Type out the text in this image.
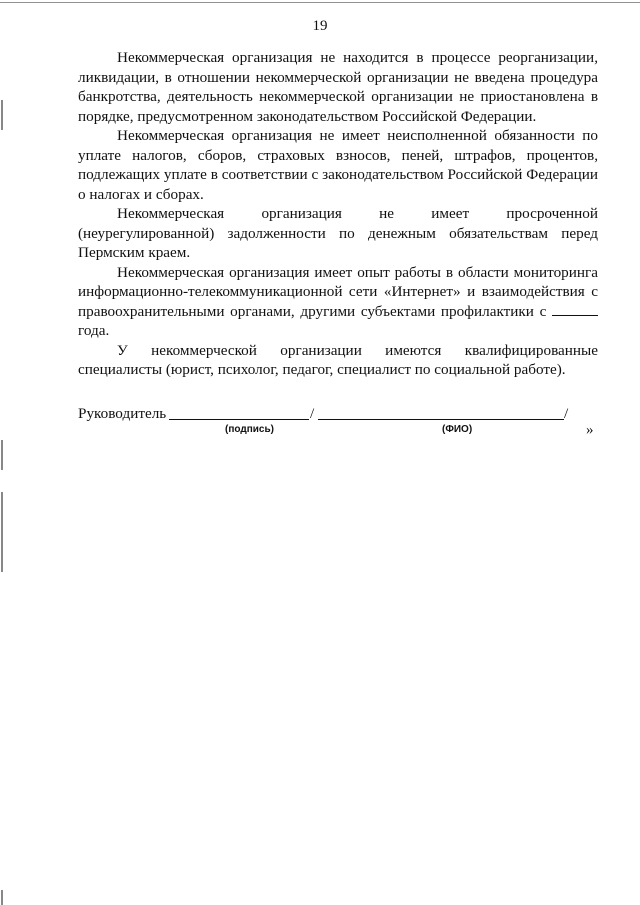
19

Некоммерческая организация не находится в процессе реорганизации, ликвидации, в отношении некоммерческой организации не введена процедура банкротства, деятельность некоммерческой организации не приостановлена в порядке, предусмотренном законодательством Российской Федерации.

Некоммерческая организация не имеет неисполненной обязанности по уплате налогов, сборов, страховых взносов, пеней, штрафов, процентов, подлежащих уплате в соответствии с законодательством Российской Федерации о налогах и сборах.

Некоммерческая организация не имеет просроченной (неурегулированной) задолженности по денежным обязательствам перед Пермским краем.

Некоммерческая организация имеет опыт работы в области мониторинга информационно-телекоммуникационной сети «Интернет» и взаимодействия с правоохранительными органами, другими субъектами профилактики с  года.

У некоммерческой организации имеются квалифицированные специалисты (юрист, психолог, педагог, специалист по социальной работе).

Руководитель	/	/
(подпись)	(ФИО)	»
